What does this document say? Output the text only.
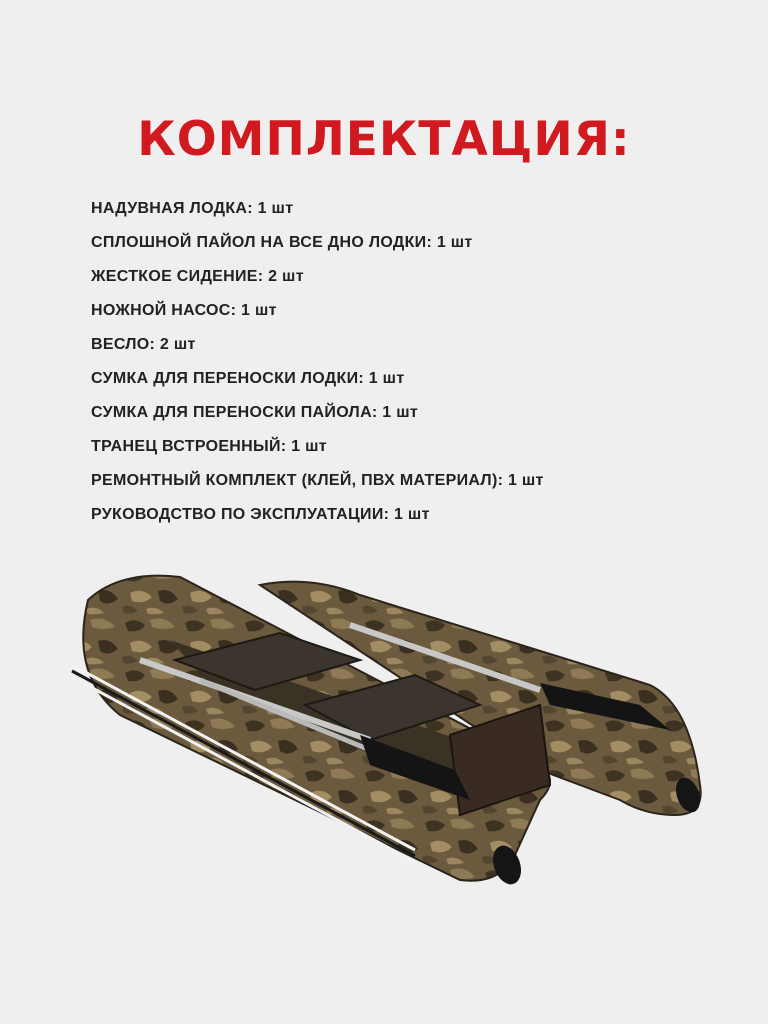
КОМПЛЕКТАЦИЯ:
НАДУВНАЯ ЛОДКА: 1 шт
СПЛОШНОЙ ПАЙОЛ НА ВСЕ ДНО ЛОДКИ: 1 шт
ЖЕСТКОЕ СИДЕНИЕ: 2 шт
НОЖНОЙ НАСОС: 1 шт
ВЕСЛО: 2 шт
СУМКА ДЛЯ ПЕРЕНОСКИ ЛОДКИ: 1 шт
СУМКА ДЛЯ ПЕРЕНОСКИ ПАЙОЛА: 1 шт
ТРАНЕЦ ВСТРОЕННЫЙ: 1 шт
РЕМОНТНЫЙ КОМПЛЕКТ (КЛЕЙ, ПВХ МАТЕРИАЛ): 1 шт
РУКОВОДСТВО ПО ЭКСПЛУАТАЦИИ: 1 шт
